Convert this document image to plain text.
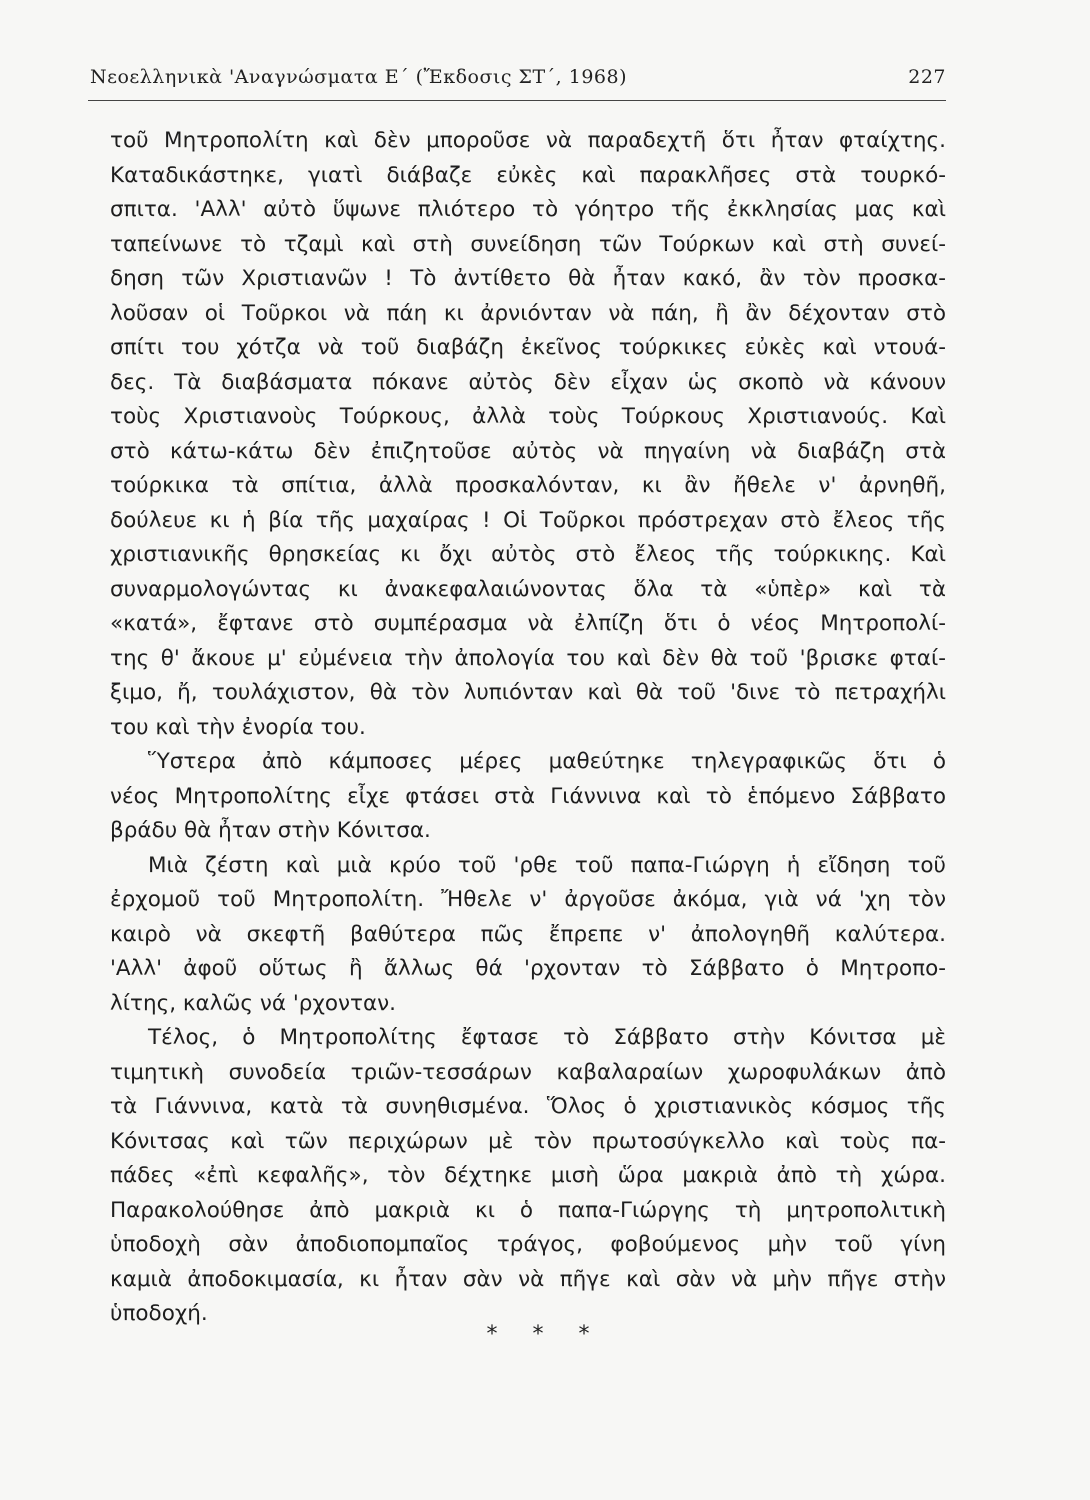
Νεοελληνικὰ 'Αναγνώσματα Ε΄ (Ἔκδοσις ΣΤ΄, 1968)	227
τοῦ Μητροπολίτη καὶ δὲν μποροῦσε νὰ παραδεχτῆ ὅτι ἦταν φταίχτης.
Καταδικάστηκε, γιατὶ διάβαζε εὐκὲς καὶ παρακλῆσες στὰ τουρκό-
σπιτα. 'Αλλ' αὐτὸ ὕψωνε πλιότερο τὸ γόητρο τῆς ἐκκλησίας μας καὶ
ταπείνωνε τὸ τζαμὶ καὶ στὴ συνείδηση τῶν Τούρκων καὶ στὴ συνεί-
δηση τῶν Χριστιανῶν ! Τὸ ἀντίθετο θὰ ἦταν κακό, ἂν τὸν προσκα-
λοῦσαν οἱ Τοῦρκοι νὰ πάη κι ἀρνιόνταν νὰ πάη, ἢ ἂν δέχονταν στὸ
σπίτι του χότζα νὰ τοῦ διαβάζη ἐκεῖνος τούρκικες εὐκὲς καὶ ντουά-
δες. Τὰ διαβάσματα πόκανε αὐτὸς δὲν εἶχαν ὡς σκοπὸ νὰ κάνουν
τοὺς Χριστιανοὺς Τούρκους, ἀλλὰ τοὺς Τούρκους Χριστιανούς. Καὶ
στὸ κάτω-κάτω δὲν ἐπιζητοῦσε αὐτὸς νὰ πηγαίνη νὰ διαβάζη στὰ
τούρκικα τὰ σπίτια, ἀλλὰ προσκαλόνταν, κι ἂν ἤθελε ν' ἀρνηθῆ,
δούλευε κι ἡ βία τῆς μαχαίρας ! Οἱ Τοῦρκοι πρόστρεχαν στὸ ἔλεος τῆς
χριστιανικῆς θρησκείας κι ὄχι αὐτὸς στὸ ἔλεος τῆς τούρκικης. Καὶ
συναρμολογώντας κι ἀνακεφαλαιώνοντας ὅλα τὰ «ὑπὲρ» καὶ τὰ
«κατά», ἔφτανε στὸ συμπέρασμα νὰ ἐλπίζη ὅτι ὁ νέος Μητροπολί-
της θ' ἄκουε μ' εὐμένεια τὴν ἀπολογία του καὶ δὲν θὰ τοῦ 'βρισκε φταί-
ξιμο, ἤ, τουλάχιστον, θὰ τὸν λυπιόνταν καὶ θὰ τοῦ 'δινε τὸ πετραχήλι
του καὶ τὴν ἐνορία του.
Ὕστερα ἀπὸ κάμποσες μέρες μαθεύτηκε τηλεγραφικῶς ὅτι ὁ
νέος Μητροπολίτης εἶχε φτάσει στὰ Γιάννινα καὶ τὸ ἑπόμενο Σάββατο
βράδυ θὰ ἦταν στὴν Κόνιτσα.
Μιὰ ζέστη καὶ μιὰ κρύο τοῦ 'ρθε τοῦ παπα-Γιώργη ἡ εἴδηση τοῦ
ἐρχομοῦ τοῦ Μητροπολίτη. Ἤθελε ν' ἀργοῦσε ἀκόμα, γιὰ νά 'χη τὸν
καιρὸ νὰ σκεφτῆ βαθύτερα πῶς ἔπρεπε ν' ἀπολογηθῆ καλύτερα.
'Αλλ' ἀφοῦ οὕτως ἢ ἄλλως θά 'ρχονταν τὸ Σάββατο ὁ Μητροπο-
λίτης, καλῶς νά 'ρχονταν.
Τέλος, ὁ Μητροπολίτης ἔφτασε τὸ Σάββατο στὴν Κόνιτσα μὲ
τιμητικὴ συνοδεία τριῶν-τεσσάρων καβαλαραίων χωροφυλάκων ἀπὸ
τὰ Γιάννινα, κατὰ τὰ συνηθισμένα. Ὅλος ὁ χριστιανικὸς κόσμος τῆς
Κόνιτσας καὶ τῶν περιχώρων μὲ τὸν πρωτοσύγκελλο καὶ τοὺς πα-
πάδες «ἐπὶ κεφαλῆς», τὸν δέχτηκε μισὴ ὥρα μακριὰ ἀπὸ τὴ χώρα.
Παρακολούθησε ἀπὸ μακριὰ κι ὁ παπα-Γιώργης τὴ μητροπολιτικὴ
ὑποδοχὴ σὰν ἀποδιοπομπαῖος τράγος, φοβούμενος μὴν τοῦ γίνη
καμιὰ ἀποδοκιμασία, κι ἦταν σὰν νὰ πῆγε καὶ σὰν νὰ μὴν πῆγε στὴν
ὑποδοχή.
* * *
